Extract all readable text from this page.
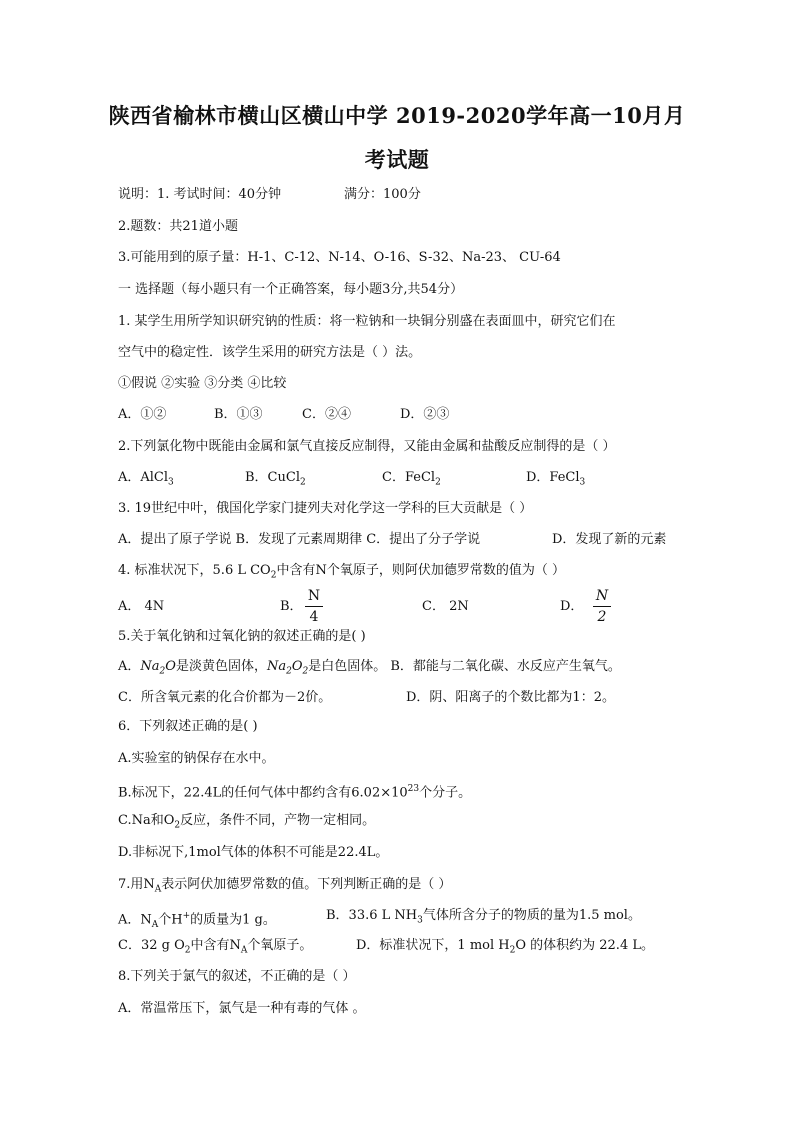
陕西省榆林市横山区横山中学 2019-2020学年高一10月月
考试题
说明：1. 考试时间：40分钟	满分：100分
2.题数：共21道小题
3.可能用到的原子量：H-1、C-12、N-14、O-16、S-32、Na-23、 CU-64
一 选择题（每小题只有一个正确答案，每小题3分,共54分）
1. 某学生用所学知识研究钠的性质：将一粒钠和一块铜分别盛在表面皿中，研究它们在
空气中的稳定性．该学生采用的研究方法是（ ）法。
①假说 ②实验 ③分类 ④比较
A．①②	B．①③	C．②④	D．②③
2.下列氯化物中既能由金属和氯气直接反应制得，又能由金属和盐酸反应制得的是（ ）
A．AlCl$_3$	B．CuCl$_2$	C．FeCl$_2$	D．FeCl$_3$
3. 19世纪中叶，俄国化学家门捷列夫对化学这一学科的巨大贡献是（ ）
A．提出了原子学说 B．发现了元素周期律 C．提出了分子学说	D．发现了新的元素
4. 标准状况下，5.6 L $CO_2$中含有N个氧原子，则阿伏加德罗常数的值为（ ）
A． 4N	B．
N
4
C． 2N	D．
N
2
5.关于氧化钠和过氧化钠的叙述正确的是( )
A．$Na_2O$是淡黄色固体，$Na_2O_2$是白色固体。 B．都能与二氧化碳、水反应产生氧气。
C．所含氧元素的化合价都为－2价。	D．阴、阳离子的个数比都为1：2。
6．下列叙述正确的是( )
A.实验室的钠保存在水中。
B.标况下，22.4L的任何气体中都约含有$6.02\times 10^{23}$个分子。
C.Na和$O_2$反应，条件不同，产物一定相同。
D.非标况下,1mol气体的体积不可能是22.4L。
7.用$N_A$表示阿伏加德罗常数的值。下列判断正确的是（ ）
A．$N_A$个H+的质量为1 g。	B．33.6 L $NH_3$气体所含分子的物质的量为1.5 mol。
C．32 g $O_2$中含有$N_A$个氧原子。	D．标准状况下，1 mol $H_2O$ 的体积约为 22.4 L。
8.下列关于氯气的叙述，不正确的是（ ）
A．常温常压下，氯气是一种有毒的气体 。
